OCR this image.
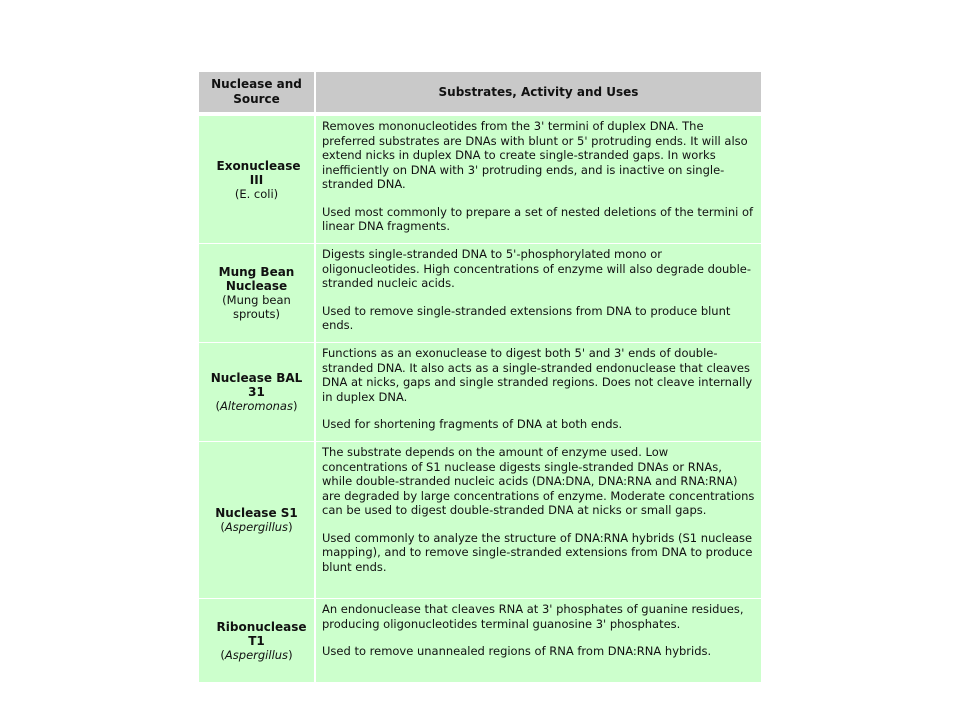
Nuclease and Source
Substrates, Activity and Uses
Exonuclease III
(E. coli)

Removes mononucleotides from the 3' termini of duplex DNA. The preferred substrates are DNAs with blunt or 5' protruding ends. It will also extend nicks in duplex DNA to create single-stranded gaps. In works inefficiently on DNA with 3' protruding ends, and is inactive on single-stranded DNA.

Used most commonly to prepare a set of nested deletions of the termini of linear DNA fragments.

Mung Bean Nuclease
(Mung bean sprouts)

Digests single-stranded DNA to 5'-phosphorylated mono or oligonucleotides. High concentrations of enzyme will also degrade double-stranded nucleic acids.

Used to remove single-stranded extensions from DNA to produce blunt ends.

Nuclease BAL 31
(Alteromonas)

Functions as an exonuclease to digest both 5' and 3' ends of double-stranded DNA. It also acts as a single-stranded endonuclease that cleaves DNA at nicks, gaps and single stranded regions. Does not cleave internally in duplex DNA.

Used for shortening fragments of DNA at both ends.

Nuclease S1
(Aspergillus)

The substrate depends on the amount of enzyme used. Low concentrations of S1 nuclease digests single-stranded DNAs or RNAs, while double-stranded nucleic acids (DNA:DNA, DNA:RNA and RNA:RNA) are degraded by large concentrations of enzyme. Moderate concentrations can be used to digest double-stranded DNA at nicks or small gaps.

Used commonly to analyze the structure of DNA:RNA hybrids (S1 nuclease mapping), and to remove single-stranded extensions from DNA to produce blunt ends.

Ribonuclease T1
(Aspergillus)

An endonuclease that cleaves RNA at 3' phosphates of guanine residues, producing oligonucleotides terminal guanosine 3' phosphates.

Used to remove unannealed regions of RNA from DNA:RNA hybrids.
